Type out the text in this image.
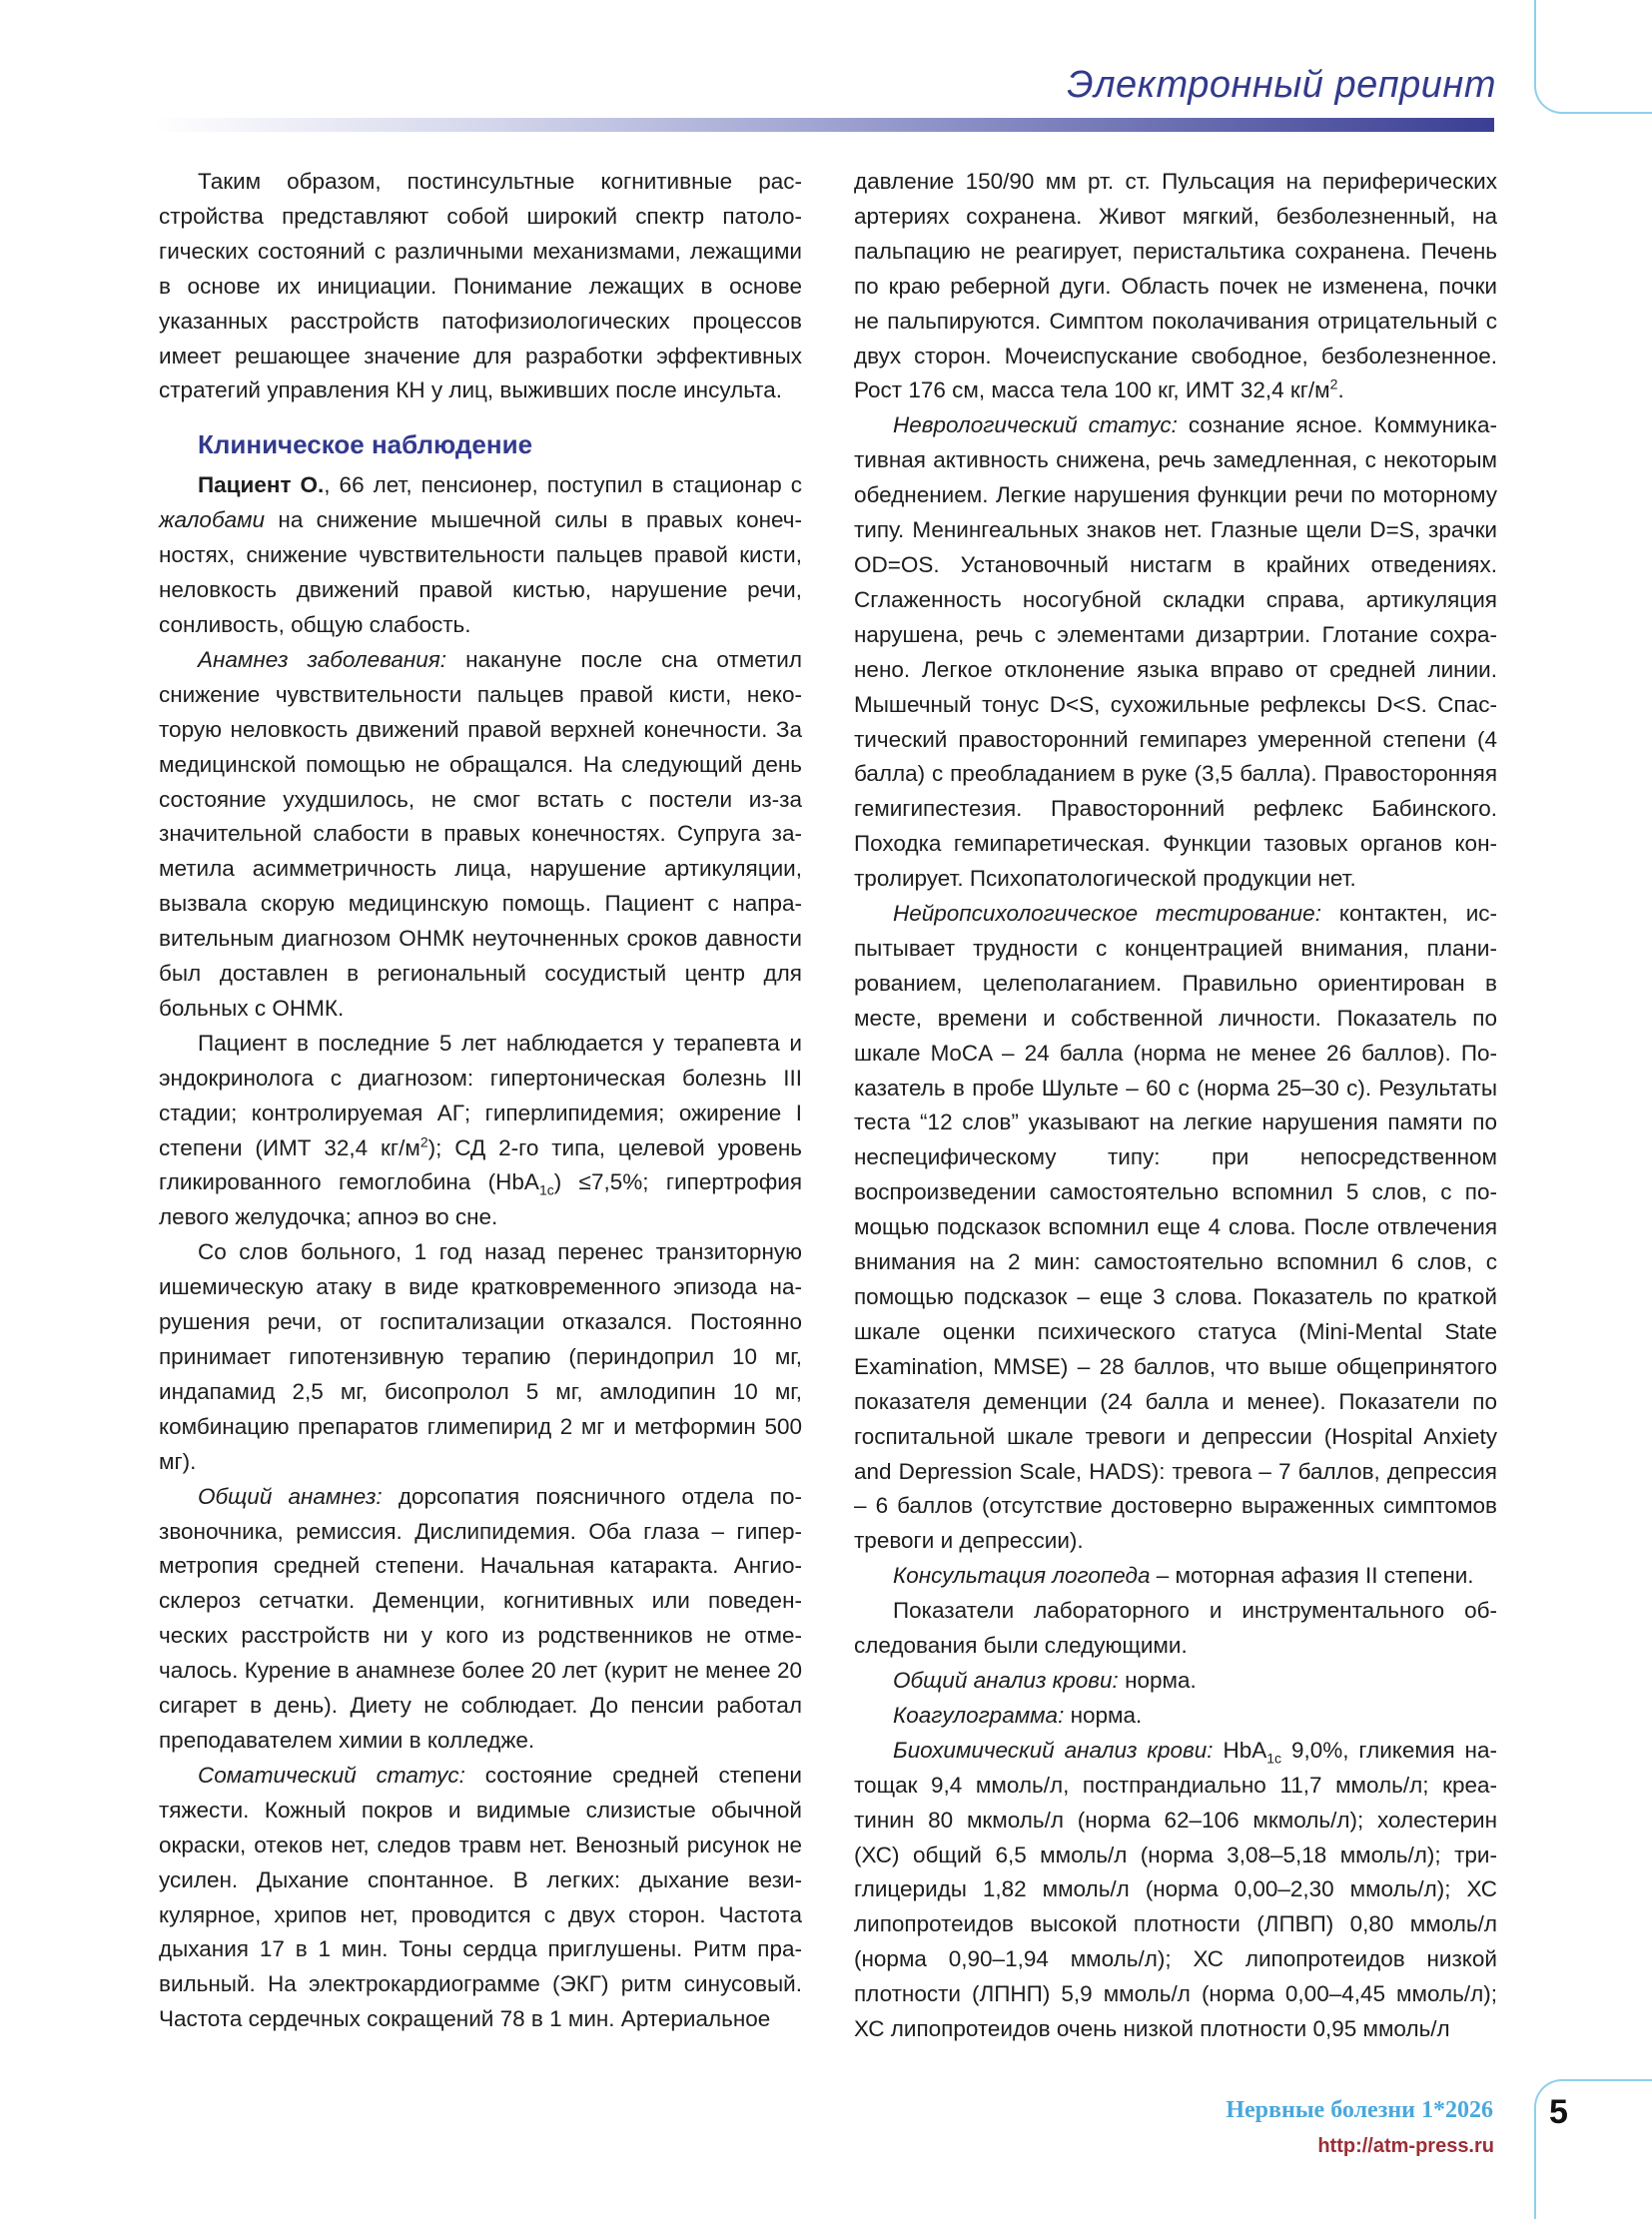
Электронный репринт

Таким образом, постинсультные когнитивные расстройства представляют собой широкий спектр патологических состояний с различными механизмами, лежащими в основе их инициации. Понимание лежащих в основе указанных расстройств патофизиологических процессов имеет решающее значение для разработки эффективных стратегий управления КН у лиц, выживших после инсульта.

Клиническое наблюдение

Пациент О., 66 лет, пенсионер, поступил в стационар с жалобами на снижение мышечной силы в правых конечностях, снижение чувствительности пальцев правой кисти, неловкость движений правой кистью, нарушение речи, сонливость, общую слабость.

Анамнез заболевания: накануне после сна отметил снижение чувствительности пальцев правой кисти, некоторую неловкость движений правой верхней конечности. За медицинской помощью не обращался. На следующий день состояние ухудшилось, не смог встать с постели из-за значительной слабости в правых конечностях. Супруга заметила асимметричность лица, нарушение артикуляции, вызвала скорую медицинскую помощь. Пациент с направительным диагнозом ОНМК неуточненных сроков давности был доставлен в региональный сосудистый центр для больных с ОНМК.

Пациент в последние 5 лет наблюдается у терапевта и эндокринолога с диагнозом: гипертоническая болезнь III стадии; контролируемая АГ; гиперлипидемия; ожирение I степени (ИМТ 32,4 $кг/м^2$); СД 2-го типа, целевой уровень гликированного гемоглобина (HbA$_{1c}$) ≤7,5%; гипертрофия левого желудочка; апноэ во сне.

Со слов больного, 1 год назад перенес транзиторную ишемическую атаку в виде кратковременного эпизода нарушения речи, от госпитализации отказался. Постоянно принимает гипотензивную терапию (периндоприл 10 мг, индапамид 2,5 мг, бисопролол 5 мг, амлодипин 10 мг, комбинацию препаратов глимепирид 2 мг и метформин 500 мг).

Общий анамнез: дорсопатия поясничного отдела позвоночника, ремиссия. Дислипидемия. Оба глаза – гиперметропия средней степени. Начальная катаракта. Ангиосклероз сетчатки. Деменции, когнитивных или поведенческих расстройств ни у кого из родственников не отмечалось. Курение в анамнезе более 20 лет (курит не менее 20 сигарет в день). Диету не соблюдает. До пенсии работал преподавателем химии в колледже.

Соматический статус: состояние средней степени тяжести. Кожный покров и видимые слизистые обычной окраски, отеков нет, следов травм нет. Венозный рисунок не усилен. Дыхание спонтанное. В легких: дыхание везикулярное, хрипов нет, проводится с двух сторон. Частота дыхания 17 в 1 мин. Тоны сердца приглушены. Ритм правильный. На электрокардиограмме (ЭКГ) ритм синусовый. Частота сердечных сокращений 78 в 1 мин. Артериальное

давление 150/90 мм рт. ст. Пульсация на периферических артериях сохранена. Живот мягкий, безболезненный, на пальпацию не реагирует, перистальтика сохранена. Печень по краю реберной дуги. Область почек не изменена, почки не пальпируются. Симптом поколачивания отрицательный с двух сторон. Мочеиспускание свободное, безболезненное. Рост 176 см, масса тела 100 кг, ИМТ 32,4 $кг/м^2$.

Неврологический статус: сознание ясное. Коммуникативная активность снижена, речь замедленная, с некоторым обеднением. Легкие нарушения функции речи по моторному типу. Менингеальных знаков нет. Глазные щели D=S, зрачки OD=OS. Установочный нистагм в крайних отведениях. Сглаженность носогубной складки справа, артикуляция нарушена, речь с элементами дизартрии. Глотание сохранено. Легкое отклонение языка вправо от средней линии. Мышечный тонус D<S, сухожильные рефлексы D<S. Спастический правосторонний гемипарез умеренной степени (4 балла) с преобладанием в руке (3,5 балла). Правосторонняя гемигипестезия. Правосторонний рефлекс Бабинского. Походка гемипаретическая. Функции тазовых органов контролирует. Психопатологической продукции нет.

Нейропсихологическое тестирование: контактен, испытывает трудности с концентрацией внимания, планированием, целеполаганием. Правильно ориентирован в месте, времени и собственной личности. Показатель по шкале MoCA – 24 балла (норма не менее 26 баллов). Показатель в пробе Шульте – 60 с (норма 25–30 с). Результаты теста “12 слов” указывают на легкие нарушения памяти по неспецифическому типу: при непосредственном воспроизведении самостоятельно вспомнил 5 слов, с помощью подсказок вспомнил еще 4 слова. После отвлечения внимания на 2 мин: самостоятельно вспомнил 6 слов, с помощью подсказок – еще 3 слова. Показатель по краткой шкале оценки психического статуса (Mini-Mental State Examination, MMSE) – 28 баллов, что выше общепринятого показателя деменции (24 балла и менее). Показатели по госпитальной шкале тревоги и депрессии (Hospital Anxiety and Depression Scale, HADS): тревога – 7 баллов, депрессия – 6 баллов (отсутствие достоверно выраженных симптомов тревоги и депрессии).

Консультация логопеда – моторная афазия II степени.

Показатели лабораторного и инструментального обследования были следующими.

Общий анализ крови: норма.

Коагулограмма: норма.

Биохимический анализ крови: HbA$_{1c}$ 9,0%, гликемия натощак 9,4 ммоль/л, постпрандиально 11,7 ммоль/л; креатинин 80 мкмоль/л (норма 62–106 мкмоль/л); холестерин (ХС) общий 6,5 ммоль/л (норма 3,08–5,18 ммоль/л); триглицериды 1,82 ммоль/л (норма 0,00–2,30 ммоль/л); ХС липопротеидов высокой плотности (ЛПВП) 0,80 ммоль/л (норма 0,90–1,94 ммоль/л); ХС липопротеидов низкой плотности (ЛПНП) 5,9 ммоль/л (норма 0,00–4,45 ммоль/л); ХС липопротеидов очень низкой плотности 0,95 ммоль/л

Нервные болезни 1*2026
http://atm-press.ru
5
